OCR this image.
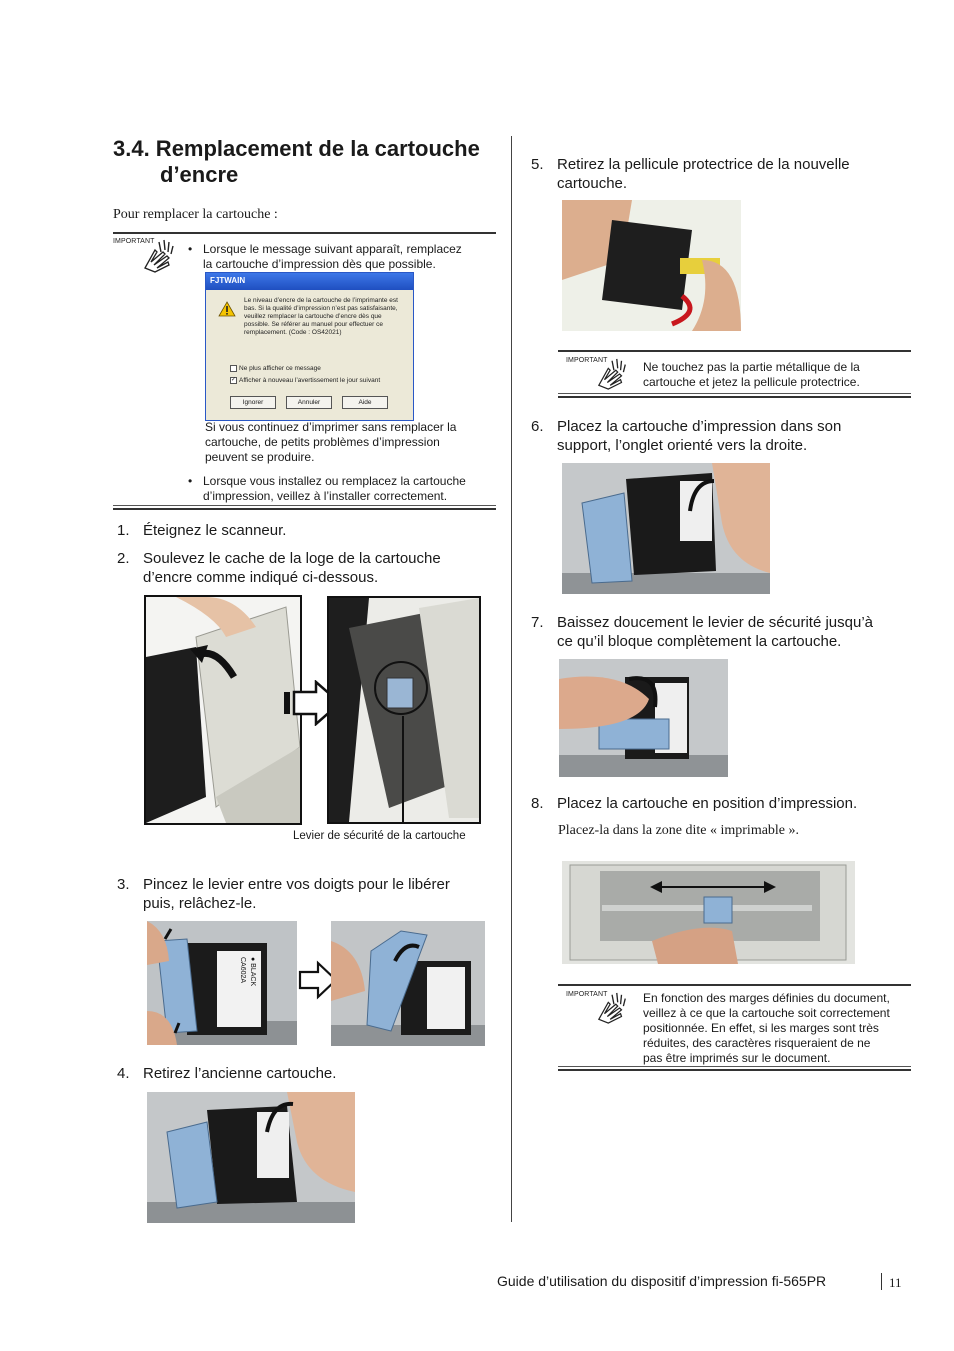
3.4. Remplacement de la cartouche
d’encre
Pour remplacer la cartouche :
IMPORTANT
• Lorsque le message suivant apparaît, remplacez
la cartouche d’impression dès que possible.
FJTWAIN
Le niveau d’encre de la cartouche de l’imprimante est
bas. Si la qualité d’impression n’est pas satisfaisante,
veuillez remplacer la cartouche d’encre dès que
possible. Se référer au manuel pour effectuer ce
remplacement. (Code : OS42021)
Ne plus afficher ce message
✓ Afficher à nouveau l’avertissement le jour suivant
Ignorer	Annuler	Aide
Si vous continuez d’imprimer sans remplacer la
cartouche, de petits problèmes d’impression
peuvent se produire.
• Lorsque vous installez ou remplacez la cartouche
d’impression, veillez à l’installer correctement.
1. Éteignez le scanneur.
2. Soulevez le cache de la loge de la cartouche
d’encre comme indiqué ci-dessous.
Levier de sécurité de la cartouche
3. Pincez le levier entre vos doigts pour le libérer
puis, relâchez-le.
● BLACK
CA602A
4. Retirez l’ancienne cartouche.
5. Retirez la pellicule protectrice de la nouvelle
cartouche.
IMPORTANT	Ne touchez pas la partie métallique de la
cartouche et jetez la pellicule protectrice.
6. Placez la cartouche d’impression dans son
support, l’onglet orienté vers la droite.
7. Baissez doucement le levier de sécurité jusqu’à
ce qu’il bloque complètement la cartouche.
8. Placez la cartouche en position d’impression.
Placez-la dans la zone dite « imprimable ».
IMPORTANT	En fonction des marges définies du document,
veillez à ce que la cartouche soit correctement
positionnée. En effet, si les marges sont très
réduites, des caractères risqueraient de ne
pas être imprimés sur le document.
Guide d’utilisation du dispositif d’impression fi-565PR	11
